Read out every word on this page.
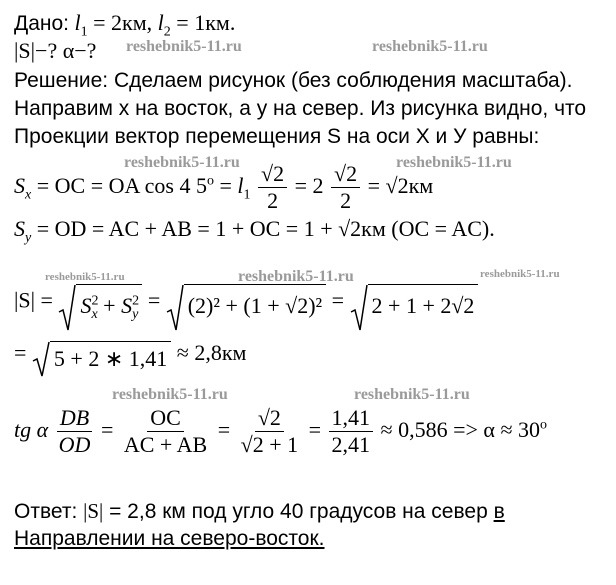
Дано: $l_1 = 2км$, $l_2 = 1км$.
|S|−? α−?
Решение: Сделаем рисунок (без соблюдения масштаба).
Направим x на восток, а y на север. Из рисунка видно, что
Проекции вектор перемещения S на оси X и У равны:
$S_x$ = OC = OA cos 4 $5^o = l_1 \frac{√2}{2} = 2 \frac{√2}{2} = √2км$
$S_y$ = OD = AC + AB = 1 + OC = 1 + √2км (OC = AC).
$|S| = S^2_x + S^2_y = (2)^2 + (1 + √2)^2 = 2 + 1 + 2√2$
= 5 + 2 ∗ 1,41 ≈ 2,8км
tg α $\frac{DB}{OD} = \frac{OC}{AC + AB} = \frac{√2}{√2 + 1} = \frac{1,41}{2,41} \approx 0,586 => \alpha \approx 30^o$
Ответ: |S| = 2,8 км под угло 40 градусов на север в
Направлении на северо-восток.
reshebnik5-11.ru	reshebnik5-11.ru
reshebnik5-11.ru	reshebnik5-11.ru
reshebnik5-11.ru	reshebnik5-11.ru	reshebnik5-11.ru
reshebnik5-11.ru	reshebnik5-11.ru
